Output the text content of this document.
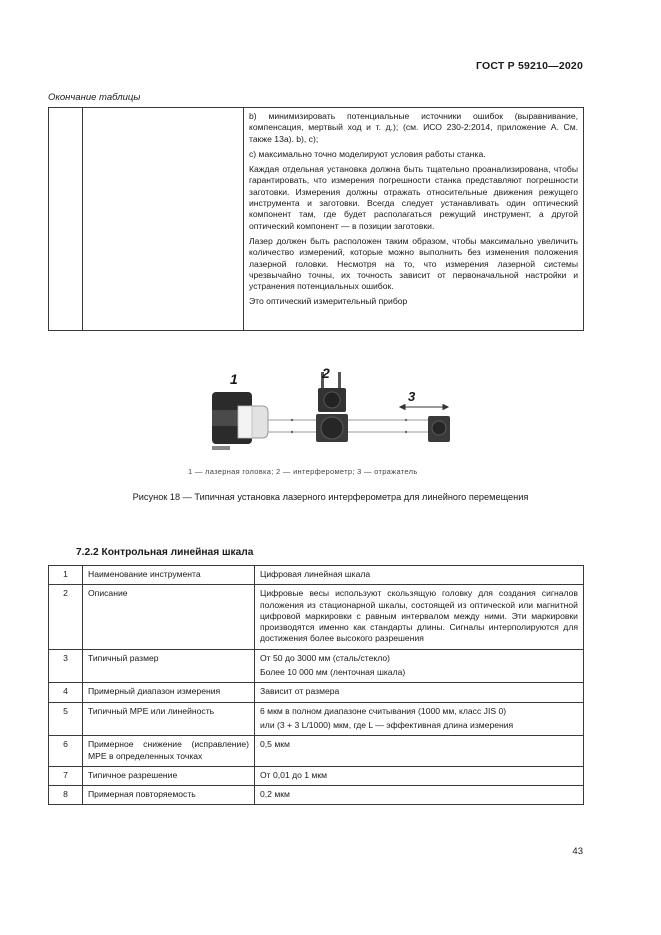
ГОСТ Р 59210—2020
Окончание таблицы

b) минимизировать потенциальные источники ошибок (выравнивание, компенсация, мертвый ход и т. д.); (см. ИСО 230-2:2014, приложение А. См. также 13а). b), c);

c) максимально точно моделируют условия работы станка.

Каждая отдельная установка должна быть тщательно проанализирована, чтобы гарантировать, что измерения погрешности станка представляют погрешности заготовки. Измерения должны отражать относительные движения режущего инструмента и заготовки. Всегда следует устанавливать один оптический компонент там, где будет располагаться режущий инструмент, а другой оптический компонент — в позиции заготовки.

Лазер должен быть расположен таким образом, чтобы максимально увеличить количество измерений, которые можно выполнить без изменения положения лазерной головки. Несмотря на то, что измерения лазерной системы чрезвычайно точны, их точность зависит от первоначальной настройки и устранения потенциальных ошибок.

Это оптический измерительный прибор

1	2
3
1 — лазерная головка; 2 — интерферометр; 3 — отражатель
Рисунок 18 — Типичная установка лазерного интерферометра для линейного перемещения
7.2.2 Контрольная линейная шкала
1	Наименование инструмента	Цифровая линейная шкала

2	Описание	Цифровые весы используют скользящую головку для создания сигналов положения из стационарной шкалы, состоящей из оптической или магнитной цифровой маркировки с равным интервалом между ними. Эти маркировки производятся именно как стандарты длины. Сигналы интерполируются для достижения более высокого разрешения

3	Типичный размер	От 50 до 3000 мм (сталь/стекло)

Более 10 000 мм (ленточная шкала)

4	Примерный диапазон измерения	Зависит от размера

5	Типичный MPE или линейность	6 мкм в полном диапазоне считывания (1000 мм, класс JIS 0)

или (3 + 3 L/1000) мкм, где L — эффективная длина измерения

6	Примерное снижение (исправление) MPE в определенных точках	0,5 мкм

7	Типичное разрешение	От 0,01 до 1 мкм

8	Примерная повторяемость	0,2 мкм

43
